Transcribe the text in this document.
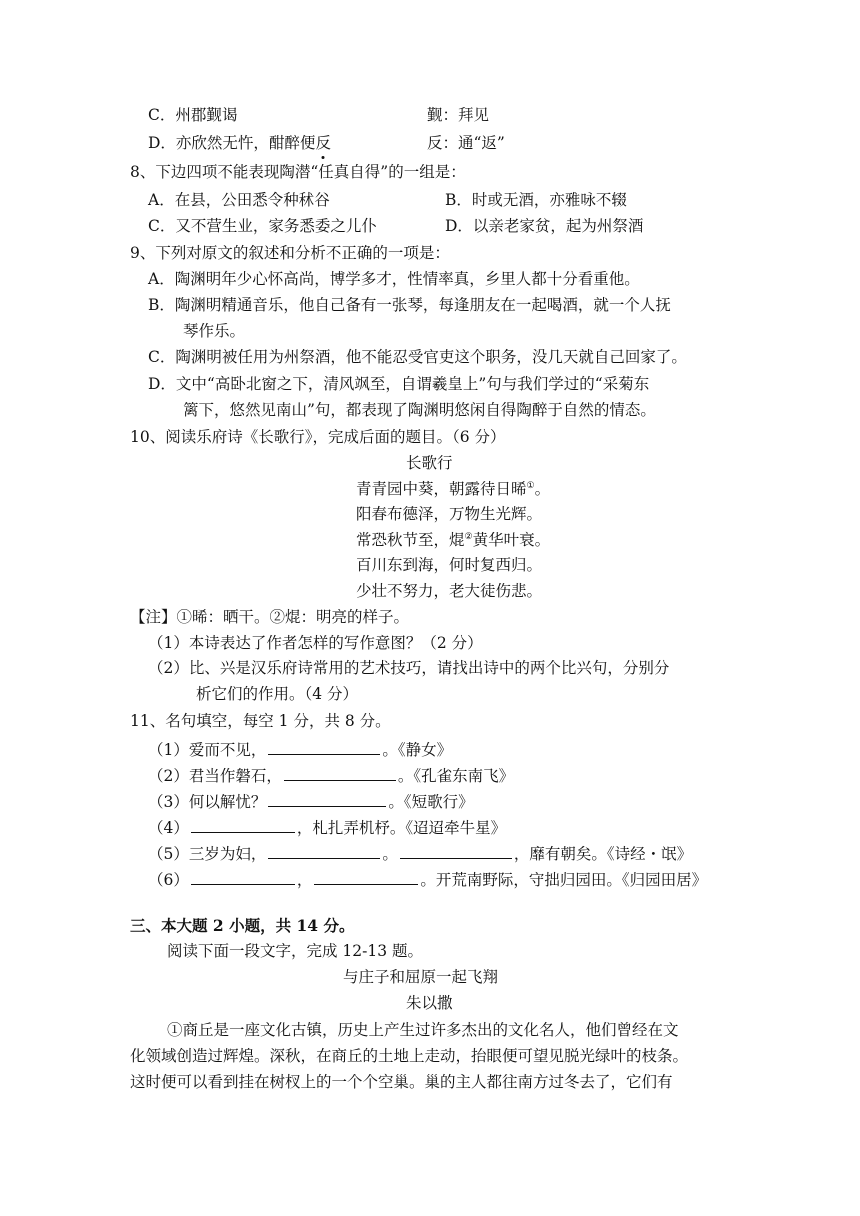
C．州郡觐谒	觐：拜见
D．亦欣然无忤，酣醉便反	反：通“返”
8、下边四项不能表现陶潜“任真自得”的一组是：
A．在县，公田悉令种秫谷	B．时或无酒，亦雅咏不辍
C．又不营生业，家务悉委之儿仆	D．以亲老家贫，起为州祭酒
9、下列对原文的叙述和分析不正确的一项是：
A．陶渊明年少心怀高尚，博学多才，性情率真，乡里人都十分看重他。
B．陶渊明精通音乐，他自己备有一张琴，每逢朋友在一起喝酒，就一个人抚
琴作乐。
C．陶渊明被任用为州祭酒，他不能忍受官吏这个职务，没几天就自己回家了。
D．文中“高卧北窗之下，清风飒至，自谓羲皇上”句与我们学过的“采菊东
篱下，悠然见南山”句，都表现了陶渊明悠闲自得陶醉于自然的情态。
10、阅读乐府诗《长歌行》，完成后面的题目。（6 分）
长歌行
青青园中葵，朝露待日晞①。
阳春布德泽，万物生光辉。
常恐秋节至，焜②黄华叶衰。
百川东到海，何时复西归。
少壮不努力，老大徒伤悲。
【注】①晞：晒干。②焜：明亮的样子。
（1）本诗表达了作者怎样的写作意图？（2 分）
（2）比、兴是汉乐府诗常用的艺术技巧，请找出诗中的两个比兴句，分别分
析它们的作用。（4 分）
11、名句填空，每空 1 分，共 8 分。
（1）爱而不见，	。《静女》
（2）君当作磐石，	。《孔雀东南飞》
（3）何以解忧？	。《短歌行》
（4）	，札扎弄机杼。《迢迢牵牛星》
（5）三岁为妇，	。	，靡有朝矣。《诗经・氓》
（6）	，	。开荒南野际，守拙归园田。《归园田居》
三、本大题 2 小题，共 14 分。
阅读下面一段文字，完成 12-13 题。
与庄子和屈原一起飞翔
朱以撒
①商丘是一座文化古镇，历史上产生过许多杰出的文化名人，他们曾经在文
化领域创造过辉煌。深秋，在商丘的土地上走动，抬眼便可望见脱光绿叶的枝条。
这时便可以看到挂在树杈上的一个个空巢。巢的主人都往南方过冬去了，它们有
